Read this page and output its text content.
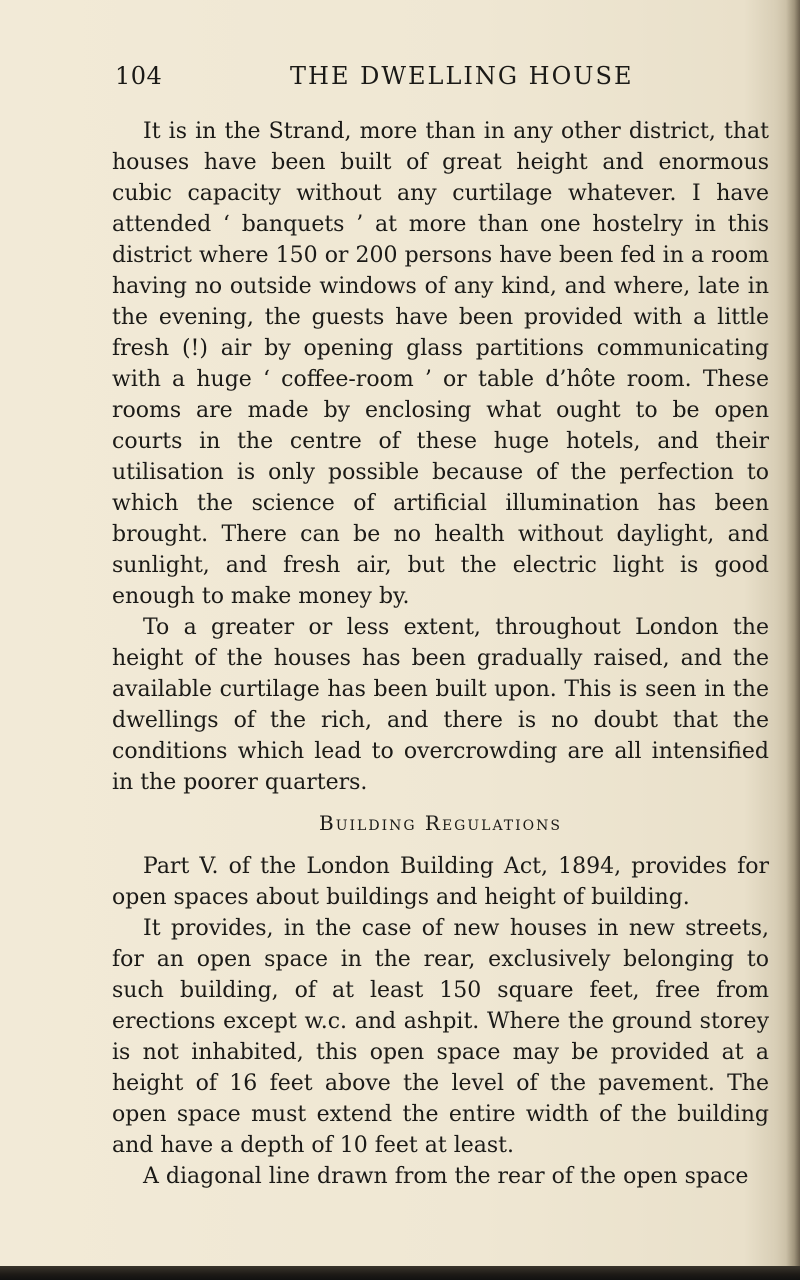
104	THE DWELLING HOUSE

It is in the Strand, more than in any other district, that houses have been built of great height and enormous cubic capacity without any curtilage whatever. I have attended ‘ banquets ’ at more than one hostelry in this district where 150 or 200 persons have been fed in a room having no outside windows of any kind, and where, late in the evening, the guests have been provided with a little fresh (!) air by opening glass partitions communicating with a huge ‘ coffee-room ’ or table d’hôte room. These rooms are made by enclosing what ought to be open courts in the centre of these huge hotels, and their utilisation is only possible because of the perfection to which the science of artificial illumination has been brought. There can be no health without daylight, and sunlight, and fresh air, but the electric light is good enough to make money by.

To a greater or less extent, throughout London the height of the houses has been gradually raised, and the available curtilage has been built upon. This is seen in the dwellings of the rich, and there is no doubt that the conditions which lead to overcrowding are all intensified in the poorer quarters.

Building Regulations

Part V. of the London Building Act, 1894, provides for open spaces about buildings and height of building.

It provides, in the case of new houses in new streets, for an open space in the rear, exclusively belonging to such building, of at least 150 square feet, free from erections except w.c. and ashpit. Where the ground storey is not inhabited, this open space may be provided at a height of 16 feet above the level of the pavement. The open space must extend the entire width of the building and have a depth of 10 feet at least.

A diagonal line drawn from the rear of the open space
